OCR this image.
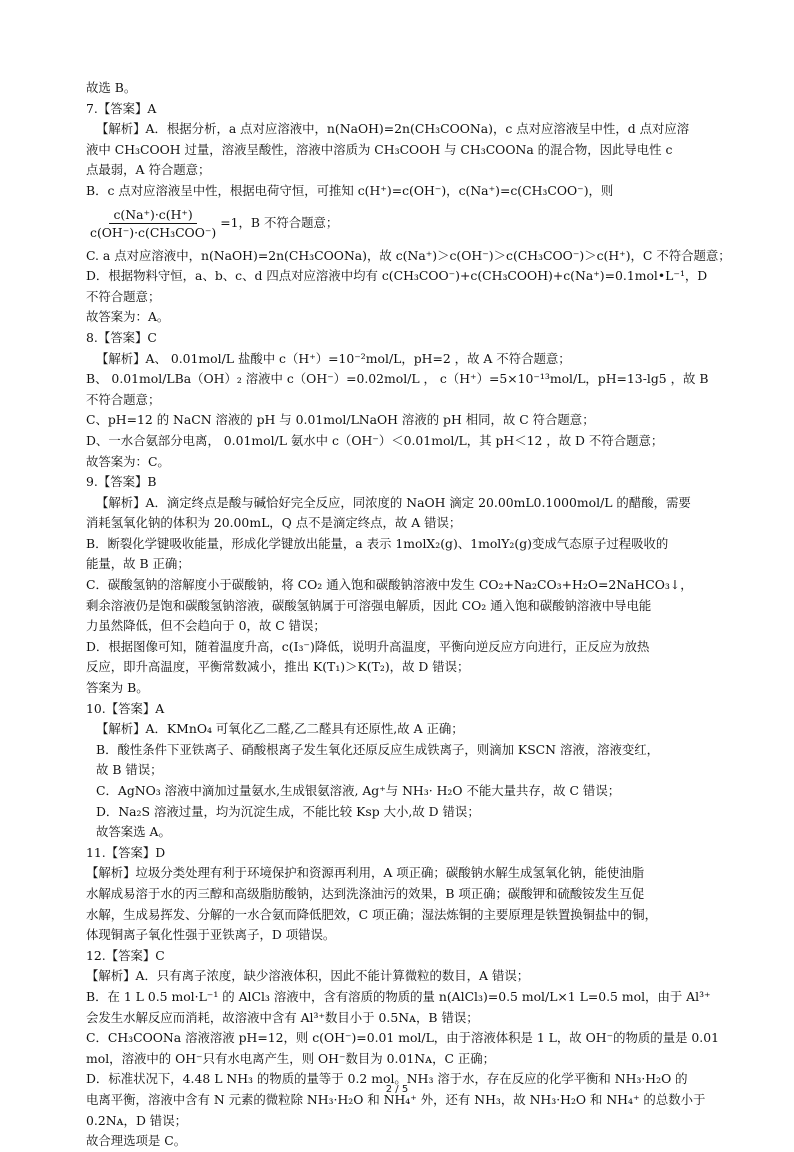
故选 B。
7.【答案】A
【解析】A．根据分析，a 点对应溶液中，n(NaOH)=2n(CH₃COONa)，c 点对应溶液呈中性，d 点对应溶
液中 CH₃COOH 过量，溶液呈酸性，溶液中溶质为 CH₃COOH 与 CH₃COONa 的混合物，因此导电性 c
点最弱，A 符合题意；
B．c 点对应溶液呈中性，根据电荷守恒，可推知 c(H⁺)=c(OH⁻)，c(Na⁺)=c(CH₃COO⁻)，则
$\frac{c(Na^+)\cdot c(H^+)}{\text{c(OH⁻)·c(CH₃COO⁻)}} =1$，B 不符合题意；
C. a 点对应溶液中，n(NaOH)=2n(CH₃COONa)，故 c(Na⁺)＞c(OH⁻)＞c(CH₃COO⁻)＞c(H⁺)，C 不符合题意；
D．根据物料守恒，a、b、c、d 四点对应溶液中均有 c(CH₃COO⁻)+c(CH₃COOH)+c(Na⁺)=0.1mol•L⁻¹，D
不符合题意；
故答案为：A。
8.【答案】C
【解析】A、 0.01mol/L 盐酸中 c（H⁺）=10⁻²mol/L，pH=2 ，故 A 不符合题意；
B、 0.01mol/LBa（OH）₂ 溶液中 c（OH⁻）=0.02mol/L ， c（H⁺）=5×10⁻¹³mol/L，pH=13-lg5 ，故 B
不符合题意；
C、pH=12 的 NaCN 溶液的 pH 与 0.01mol/LNaOH 溶液的 pH 相同，故 C 符合题意；
D、一水合氨部分电离， 0.01mol/L 氨水中 c（OH⁻）＜0.01mol/L，其 pH＜12 ，故 D 不符合题意；
故答案为：C。
9.【答案】B
【解析】A．滴定终点是酸与碱恰好完全反应，同浓度的 NaOH 滴定 20.00mL0.1000mol/L 的醋酸，需要
消耗氢氧化钠的体积为 20.00mL，Q 点不是滴定终点，故 A 错误；
B．断裂化学键吸收能量，形成化学键放出能量，a 表示 1molX₂(g)、1molY₂(g)变成气态原子过程吸收的
能量，故 B 正确；
C．碳酸氢钠的溶解度小于碳酸钠，将 CO₂ 通入饱和碳酸钠溶液中发生 CO₂+Na₂CO₃+H₂O=2NaHCO₃↓，
剩余溶液仍是饱和碳酸氢钠溶液，碳酸氢钠属于可溶强电解质，因此 CO₂ 通入饱和碳酸钠溶液中导电能
力虽然降低，但不会趋向于 0，故 C 错误；
D．根据图像可知，随着温度升高，c(I₃⁻)降低，说明升高温度，平衡向逆反应方向进行，正反应为放热
反应，即升高温度，平衡常数减小，推出 K(T₁)＞K(T₂)，故 D 错误；
答案为 B。
10.【答案】A
【解析】A．KMnO₄ 可氧化乙二醛,乙二醛具有还原性,故 A 正确；
B．酸性条件下亚铁离子、硝酸根离子发生氧化还原反应生成铁离子，则滴加 KSCN 溶液，溶液变红，
故 B 错误；
C．AgNO₃ 溶液中滴加过量氨水,生成银氨溶液, Ag⁺与 NH₃· H₂O 不能大量共存，故 C 错误；
D．Na₂S 溶液过量，均为沉淀生成，不能比较 Ksp 大小,故 D 错误；
故答案选 A。
11.【答案】D
【解析】垃圾分类处理有利于环境保护和资源再利用，A 项正确；碳酸钠水解生成氢氧化钠，能使油脂
水解成易溶于水的丙三醇和高级脂肪酸钠，达到洗涤油污的效果，B 项正确；碳酸钾和硫酸铵发生互促
水解，生成易挥发、分解的一水合氨而降低肥效，C 项正确；湿法炼铜的主要原理是铁置换铜盐中的铜，
体现铜离子氧化性强于亚铁离子，D 项错误。
12.【答案】C
【解析】A．只有离子浓度，缺少溶液体积，因此不能计算微粒的数目，A 错误；
B．在 1 L 0.5 mol·L⁻¹ 的 AlCl₃ 溶液中，含有溶质的物质的量 n(AlCl₃)=0.5 mol/L×1 L=0.5 mol，由于 Al³⁺
会发生水解反应而消耗，故溶液中含有 Al³⁺数目小于 0.5Nᴀ，B 错误；
C．CH₃COONa 溶液溶液 pH=12，则 c(OH⁻)=0.01 mol/L，由于溶液体积是 1 L，故 OH⁻的物质的量是 0.01
mol，溶液中的 OH⁻只有水电离产生，则 OH⁻数目为 0.01Nᴀ，C 正确；
D．标准状况下，4.48 L NH₃ 的物质的量等于 0.2 mol。NH₃ 溶于水，存在反应的化学平衡和 NH₃·H₂O 的
电离平衡，溶液中含有 N 元素的微粒除 NH₃·H₂O 和 NH₄⁺ 外，还有 NH₃，故 NH₃·H₂O 和 NH₄⁺ 的总数小于
0.2Nᴀ，D 错误；
故合理选项是 C。
2 / 5
